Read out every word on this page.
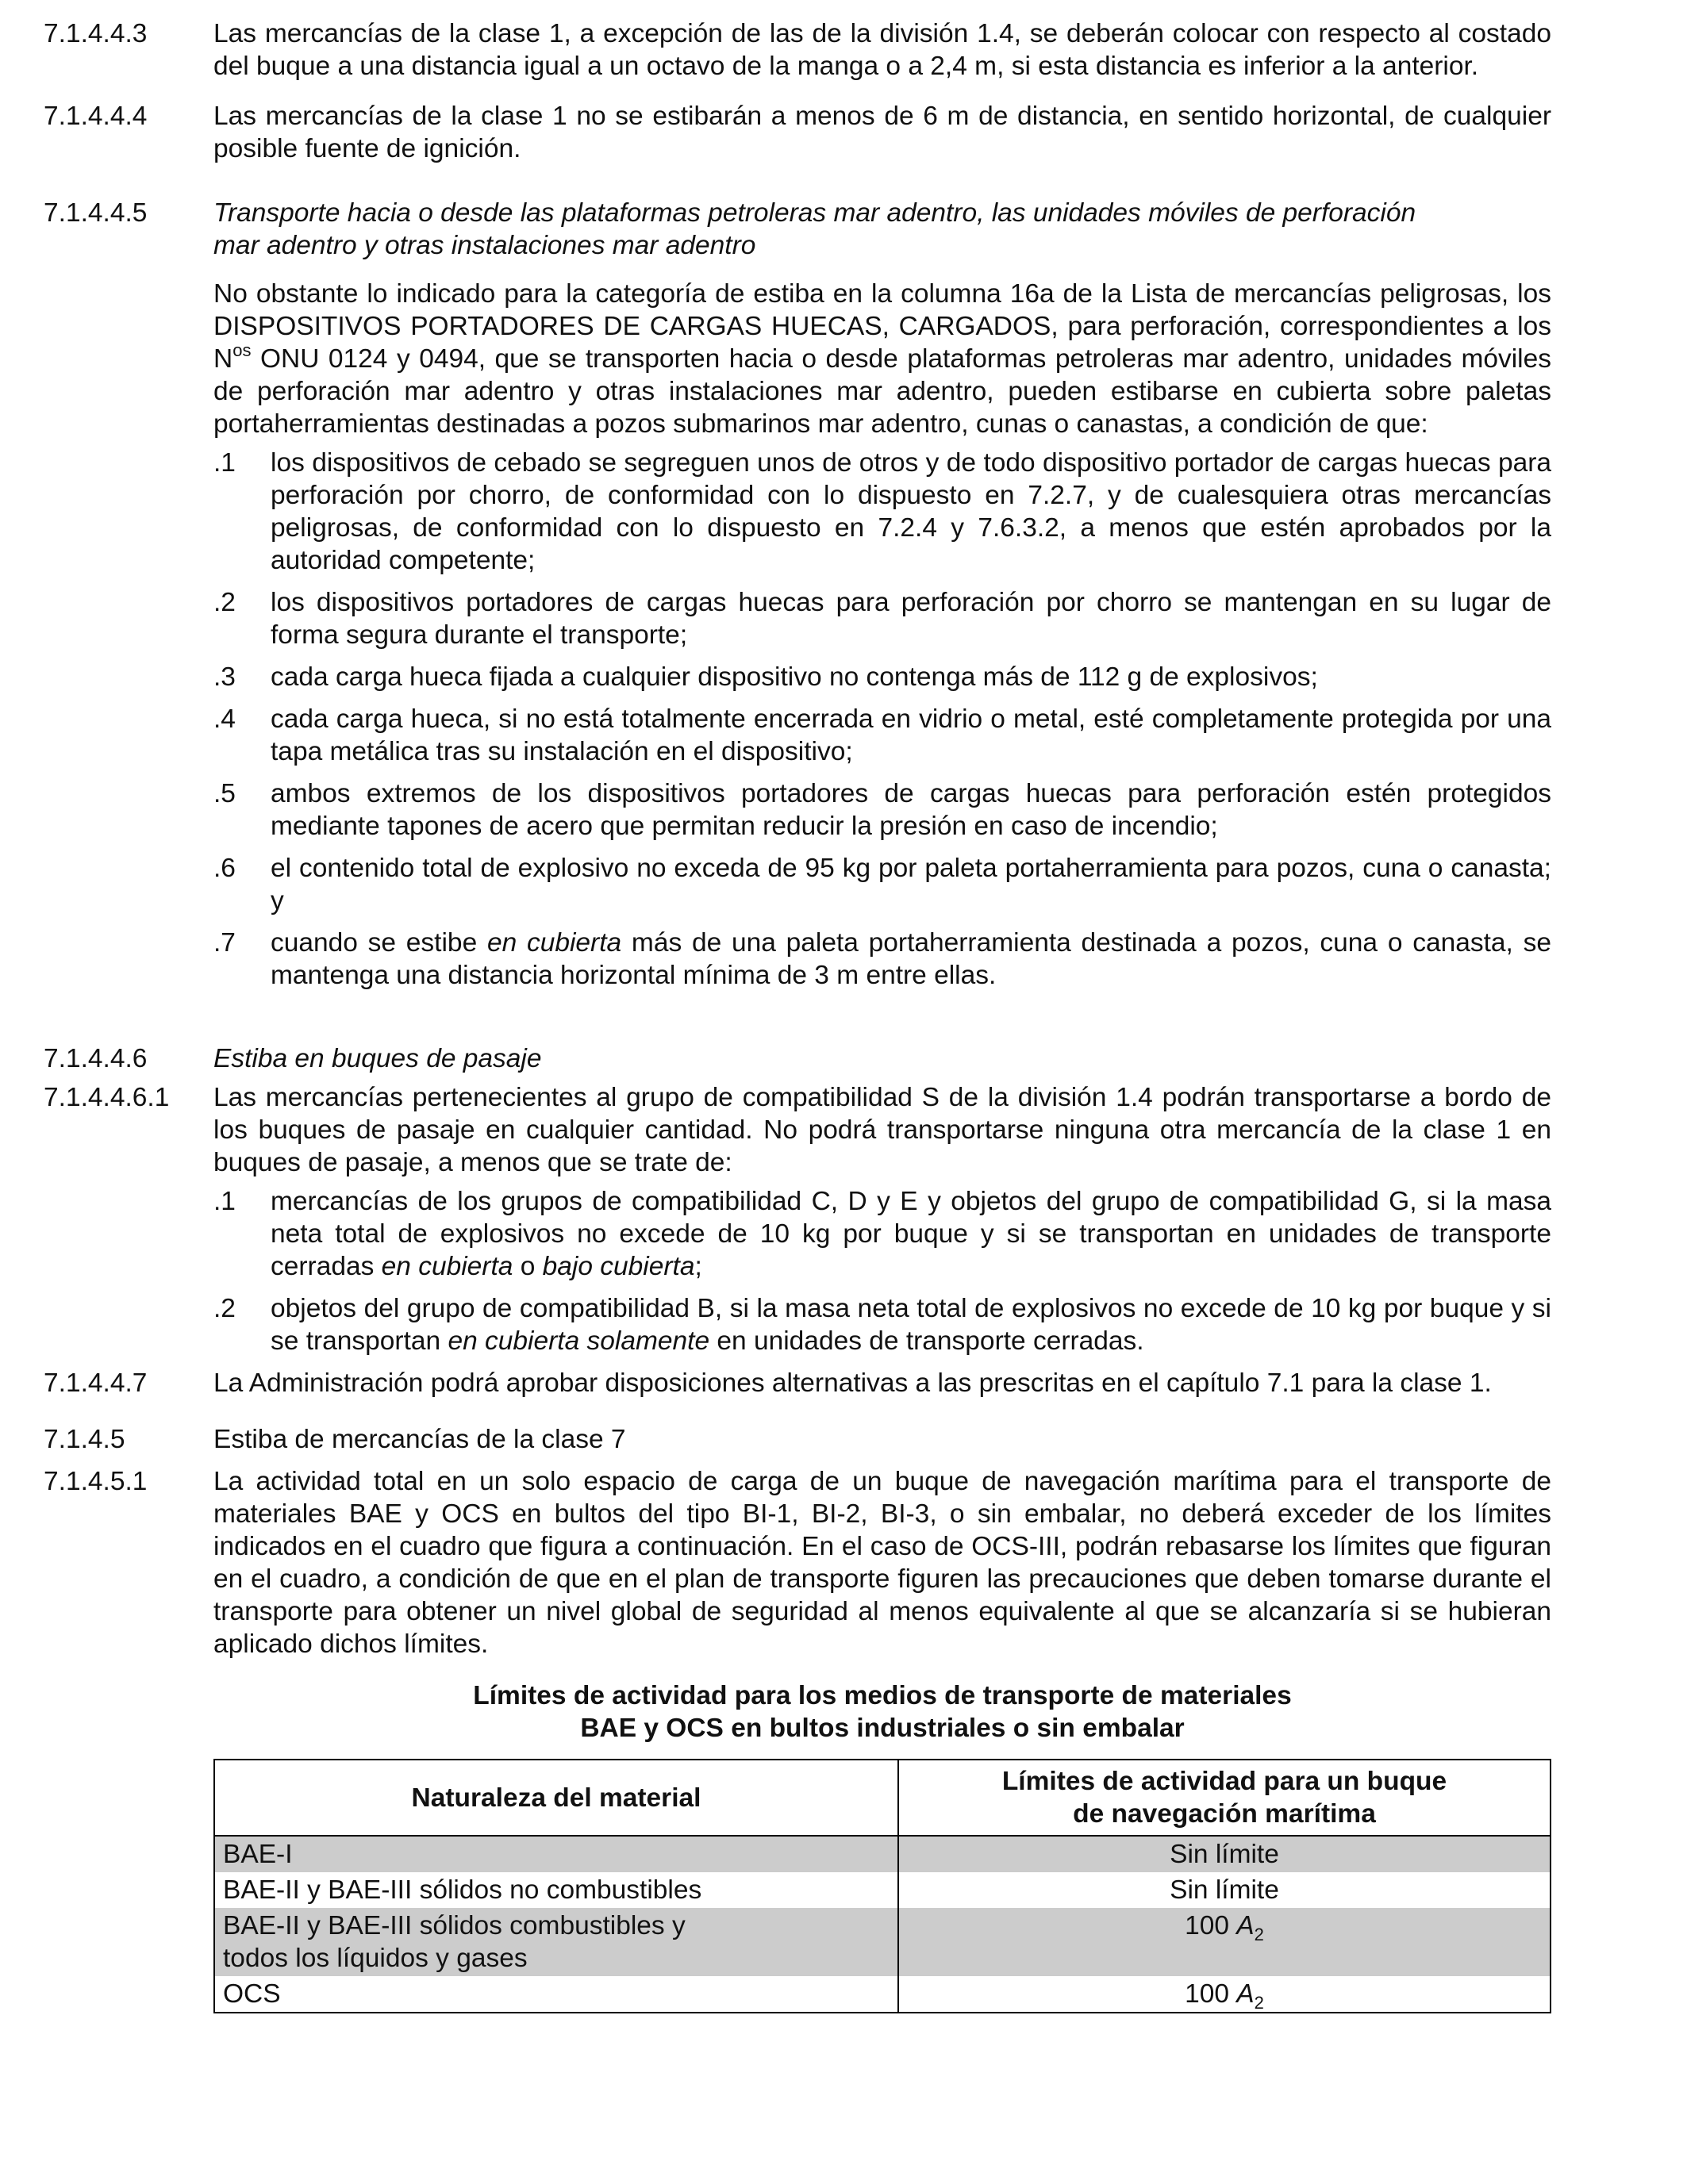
7.1.4.4.3	Las mercancías de la clase 1, a excepción de las de la división 1.4, se deberán colocar con respecto al costado del buque a una distancia igual a un octavo de la manga o a 2,4 m, si esta distancia es inferior a la anterior.
7.1.4.4.4	Las mercancías de la clase 1 no se estibarán a menos de 6 m de distancia, en sentido horizontal, de cualquier posible fuente de ignición.
7.1.4.4.5	Transporte hacia o desde las plataformas petroleras mar adentro, las unidades móviles de perforación mar adentro y otras instalaciones mar adentro
No obstante lo indicado para la categoría de estiba en la columna 16a de la Lista de mercancías peligrosas, los DISPOSITIVOS PORTADORES DE CARGAS HUECAS, CARGADOS, para perforación, correspondientes a los $N^{os}$ ONU 0124 y 0494, que se transporten hacia o desde plataformas petroleras mar adentro, unidades móviles de perforación mar adentro y otras instalaciones mar adentro, pueden estibarse en cubierta sobre paletas portaherramientas destinadas a pozos submarinos mar adentro, cunas o canastas, a condición de que:
.1	los dispositivos de cebado se segreguen unos de otros y de todo dispositivo portador de cargas huecas para perforación por chorro, de conformidad con lo dispuesto en 7.2.7, y de cualesquiera otras mercancías peligrosas, de conformidad con lo dispuesto en 7.2.4 y 7.6.3.2, a menos que estén aprobados por la autoridad competente;
.2	los dispositivos portadores de cargas huecas para perforación por chorro se mantengan en su lugar de forma segura durante el transporte;
.3	cada carga hueca fijada a cualquier dispositivo no contenga más de 112 g de explosivos;
.4	cada carga hueca, si no está totalmente encerrada en vidrio o metal, esté completamente protegida por una tapa metálica tras su instalación en el dispositivo;
.5	ambos extremos de los dispositivos portadores de cargas huecas para perforación estén protegidos mediante tapones de acero que permitan reducir la presión en caso de incendio;
.6	el contenido total de explosivo no exceda de 95 kg por paleta portaherramienta para pozos, cuna o canasta; y
.7	cuando se estibe en cubierta más de una paleta portaherramienta destinada a pozos, cuna o canasta, se mantenga una distancia horizontal mínima de 3 m entre ellas.
7.1.4.4.6	Estiba en buques de pasaje
7.1.4.4.6.1	Las mercancías pertenecientes al grupo de compatibilidad S de la división 1.4 podrán transportarse a bordo de los buques de pasaje en cualquier cantidad. No podrá transportarse ninguna otra mercancía de la clase 1 en buques de pasaje, a menos que se trate de:
.1	mercancías de los grupos de compatibilidad C, D y E y objetos del grupo de compatibilidad G, si la masa neta total de explosivos no excede de 10 kg por buque y si se transportan en unidades de transporte cerradas en cubierta o bajo cubierta;
.2	objetos del grupo de compatibilidad B, si la masa neta total de explosivos no excede de 10 kg por buque y si se transportan en cubierta solamente en unidades de transporte cerradas.
7.1.4.4.7	La Administración podrá aprobar disposiciones alternativas a las prescritas en el capítulo 7.1 para la clase 1.
7.1.4.5	Estiba de mercancías de la clase 7
7.1.4.5.1	La actividad total en un solo espacio de carga de un buque de navegación marítima para el transporte de materiales BAE y OCS en bultos del tipo BI-1, BI-2, BI-3, o sin embalar, no deberá exceder de los límites indicados en el cuadro que figura a continuación. En el caso de OCS-III, podrán rebasarse los límites que figuran en el cuadro, a condición de que en el plan de transporte figuren las precauciones que deben tomarse durante el transporte para obtener un nivel global de seguridad al menos equivalente al que se alcanzaría si se hubieran aplicado dichos límites.
Límites de actividad para los medios de transporte de materiales
BAE y OCS en bultos industriales o sin embalar
Naturaleza del material	Límites de actividad para un buque
de navegación marítima

BAE-I	Sin límite
BAE-II y BAE-III sólidos no combustibles	Sin límite

BAE-II y BAE-III sólidos combustibles y
todos los líquidos y gases	100 $A_2$
OCS	100 $A_2$
